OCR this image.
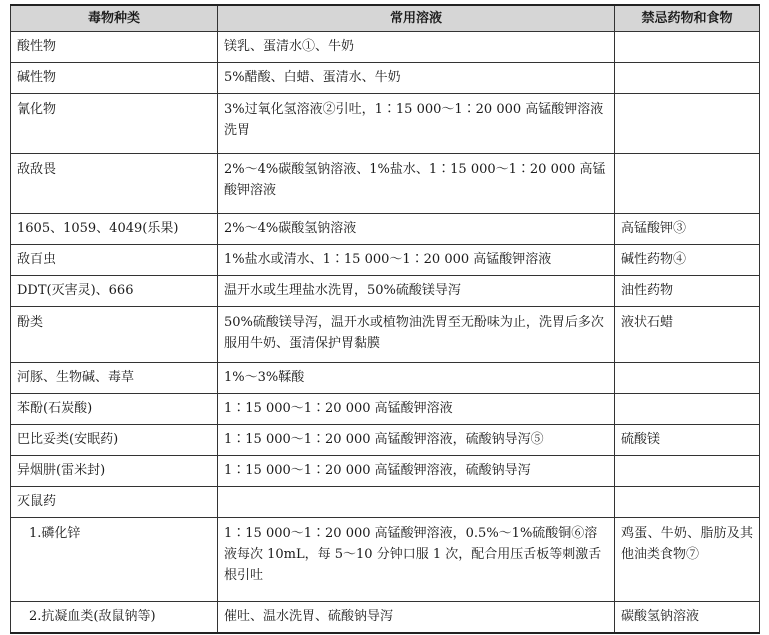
毒物种类	常用溶液	禁忌药物和食物
酸性物	镁乳、蛋清水①、牛奶	
碱性物	5%醋酸、白蜡、蛋清水、牛奶	
氰化物	3%过氧化氢溶液②引吐，1∶15 000～1∶20 000 高锰酸钾溶液洗胃	
敌敌畏	2%～4%碳酸氢钠溶液、1%盐水、1∶15 000～1∶20 000 高锰酸钾溶液	
1605、1059、4049(乐果)	2%～4%碳酸氢钠溶液	高锰酸钾③
敌百虫	1%盐水或清水、1∶15 000～1∶20 000 高锰酸钾溶液	碱性药物④
DDT(灭害灵)、666	温开水或生理盐水洗胃，50%硫酸镁导泻	油性药物
酚类	50%硫酸镁导泻，温开水或植物油洗胃至无酚味为止，洗胃后多次服用牛奶、蛋清保护胃黏膜	液状石蜡
河豚、生物碱、毒草	1%～3%鞣酸	
苯酚(石炭酸)	1∶15 000～1∶20 000 高锰酸钾溶液	
巴比妥类(安眠药)	1∶15 000～1∶20 000 高锰酸钾溶液，硫酸钠导泻⑤	硫酸镁
异烟肼(雷米封)	1∶15 000～1∶20 000 高锰酸钾溶液，硫酸钠导泻	
灭鼠药		
1.磷化锌	1∶15 000～1∶20 000 高锰酸钾溶液，0.5%～1%硫酸铜⑥溶液每次 10mL，每 5～10 分钟口服 1 次，配合用压舌板等刺激舌根引吐	鸡蛋、牛奶、脂肪及其他油类食物⑦
2.抗凝血类(敌鼠钠等)	催吐、温水洗胃、硫酸钠导泻	碳酸氢钠溶液
